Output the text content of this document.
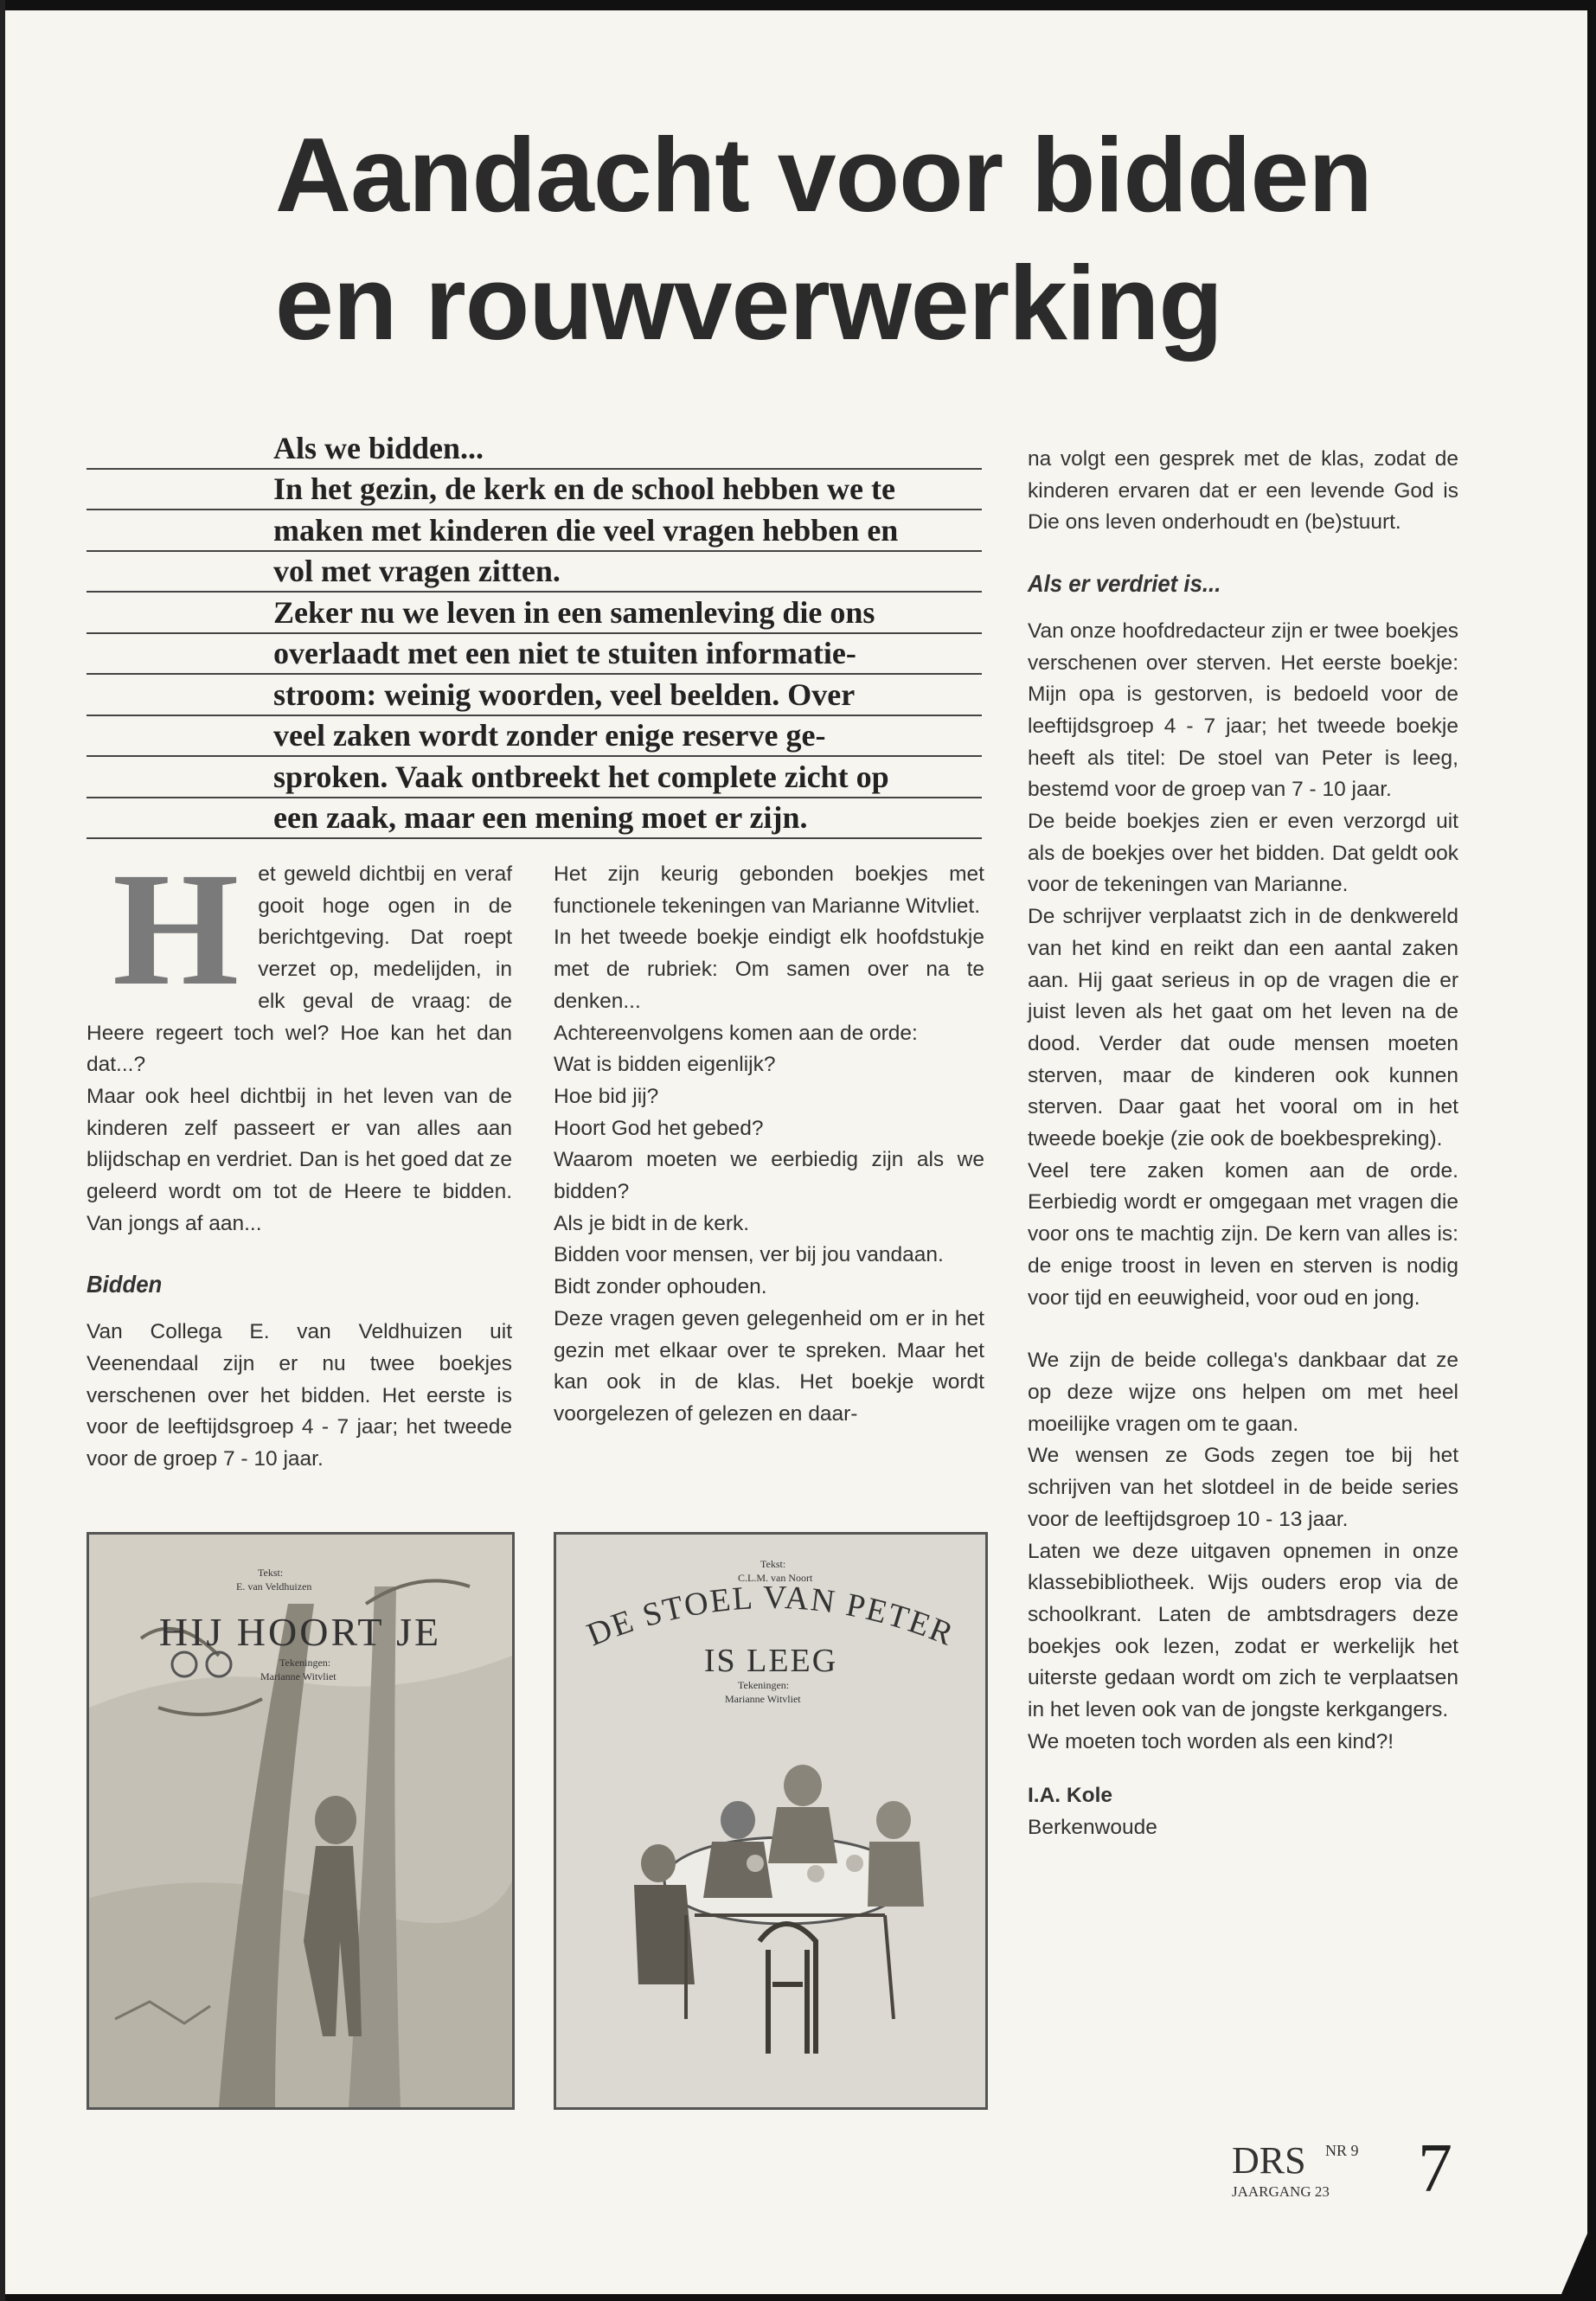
Aandacht voor bidden
en rouwverwerking
Als we bidden...
In het gezin, de kerk en de school hebben we te
maken met kinderen die veel vragen hebben en
vol met vragen zitten.
Zeker nu we leven in een samenleving die ons
overlaadt met een niet te stuiten informatie-
stroom: weinig woorden, veel beelden. Over
veel zaken wordt zonder enige reserve ge-
sproken. Vaak ontbreekt het complete zicht op
een zaak, maar een mening moet er zijn.

Het geweld dichtbij en veraf gooit hoge ogen in de berichtgeving. Dat roept verzet op, medelijden, in elk geval de vraag: de Heere regeert toch wel? Hoe kan het dan dat...?

Maar ook heel dichtbij in het leven van de kinderen zelf passeert er van alles aan blijdschap en verdriet. Dan is het goed dat ze geleerd wordt om tot de Heere te bidden. Van jongs af aan...

Bidden

Van Collega E. van Veldhuizen uit Veenendaal zijn er nu twee boekjes verschenen over het bidden. Het eerste is voor de leeftijdsgroep 4 - 7 jaar; het tweede voor de groep 7 - 10 jaar.

Het zijn keurig gebonden boekjes met functionele tekeningen van Marianne Witvliet.

In het tweede boekje eindigt elk hoofdstukje met de rubriek: Om samen over na te denken...

Achtereenvolgens komen aan de orde:

Wat is bidden eigenlijk?

Hoe bid jij?

Hoort God het gebed?

Waarom moeten we eerbiedig zijn als we bidden?

Als je bidt in de kerk.

Bidden voor mensen, ver bij jou vandaan.

Bidt zonder ophouden.

Deze vragen geven gelegenheid om er in het gezin met elkaar over te spreken. Maar het kan ook in de klas. Het boekje wordt voorgelezen of gelezen en daar-

na volgt een gesprek met de klas, zodat de kinderen ervaren dat er een levende God is Die ons leven onderhoudt en (be)stuurt.

Als er verdriet is...

Van onze hoofdredacteur zijn er twee boekjes verschenen over sterven. Het eerste boekje: Mijn opa is gestorven, is bedoeld voor de leeftijdsgroep 4 - 7 jaar; het tweede boekje heeft als titel: De stoel van Peter is leeg, bestemd voor de groep van 7 - 10 jaar.

De beide boekjes zien er even verzorgd uit als de boekjes over het bidden. Dat geldt ook voor de tekeningen van Marianne.

De schrijver verplaatst zich in de denkwereld van het kind en reikt dan een aantal zaken aan. Hij gaat serieus in op de vragen die er juist leven als het gaat om het leven na de dood. Verder dat oude mensen moeten sterven, maar de kinderen ook kunnen sterven. Daar gaat het vooral om in het tweede boekje (zie ook de boekbespreking).

Veel tere zaken komen aan de orde. Eerbiedig wordt er omgegaan met vragen die voor ons te machtig zijn. De kern van alles is: de enige troost in leven en sterven is nodig voor tijd en eeuwigheid, voor oud en jong.

We zijn de beide collega's dankbaar dat ze op deze wijze ons helpen om met heel moeilijke vragen om te gaan.

We wensen ze Gods zegen toe bij het schrijven van het slotdeel in de beide series voor de leeftijdsgroep 10 - 13 jaar.

Laten we deze uitgaven opnemen in onze klassebibliotheek. Wijs ouders erop via de schoolkrant. Laten de ambtsdragers deze boekjes ook lezen, zodat er werkelijk het uiterste gedaan wordt om zich te verplaatsen in het leven ook van de jongste kerkgangers.

We moeten toch worden als een kind?!

I.A. Kole

Berkenwoude

Tekst:
E. van Veldhuizen
HIJ HOORT JE
Tekeningen:
Marianne Witvliet
DE STOEL VAN PETER
IS LEEG
Tekst:
C.L.M. van Noort
Tekeningen:
Marianne Witvliet
DRS NR 9
JAARGANG 23 7
